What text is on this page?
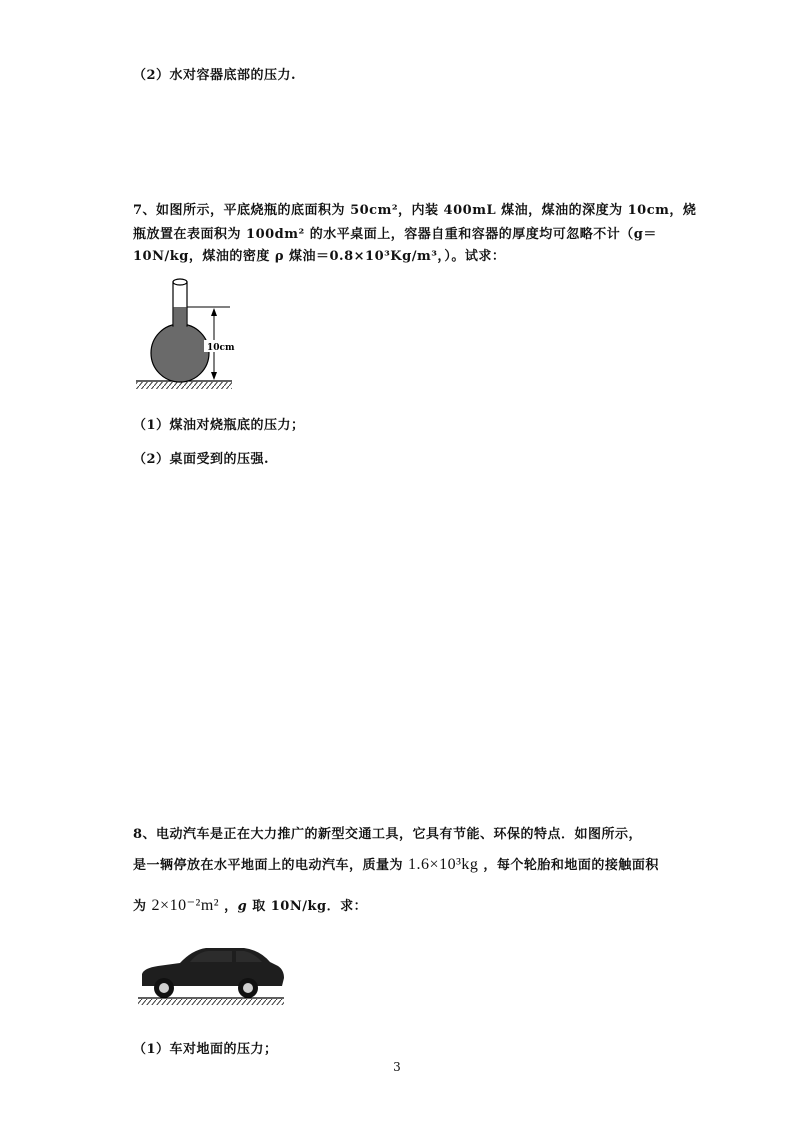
（2）水对容器底部的压力.
7、如图所示，平底烧瓶的底面积为 50cm²，内装 400mL 煤油，煤油的深度为 10cm，烧
瓶放置在表面积为 100dm² 的水平桌面上，容器自重和容器的厚度均可忽略不计（g＝
10N/kg，煤油的密度 ρ 煤油＝0.8×10³Kg/m³，）。试求：
10cm
（1）煤油对烧瓶底的压力；
（2）桌面受到的压强.
8、电动汽车是正在大力推广的新型交通工具，它具有节能、环保的特点．如图所示，
是一辆停放在水平地面上的电动汽车，质量为 1.6×10³kg ，每个轮胎和地面的接触面积
为 2×10⁻²m² ，g 取 10N/kg．求：
（1）车对地面的压力；
3
